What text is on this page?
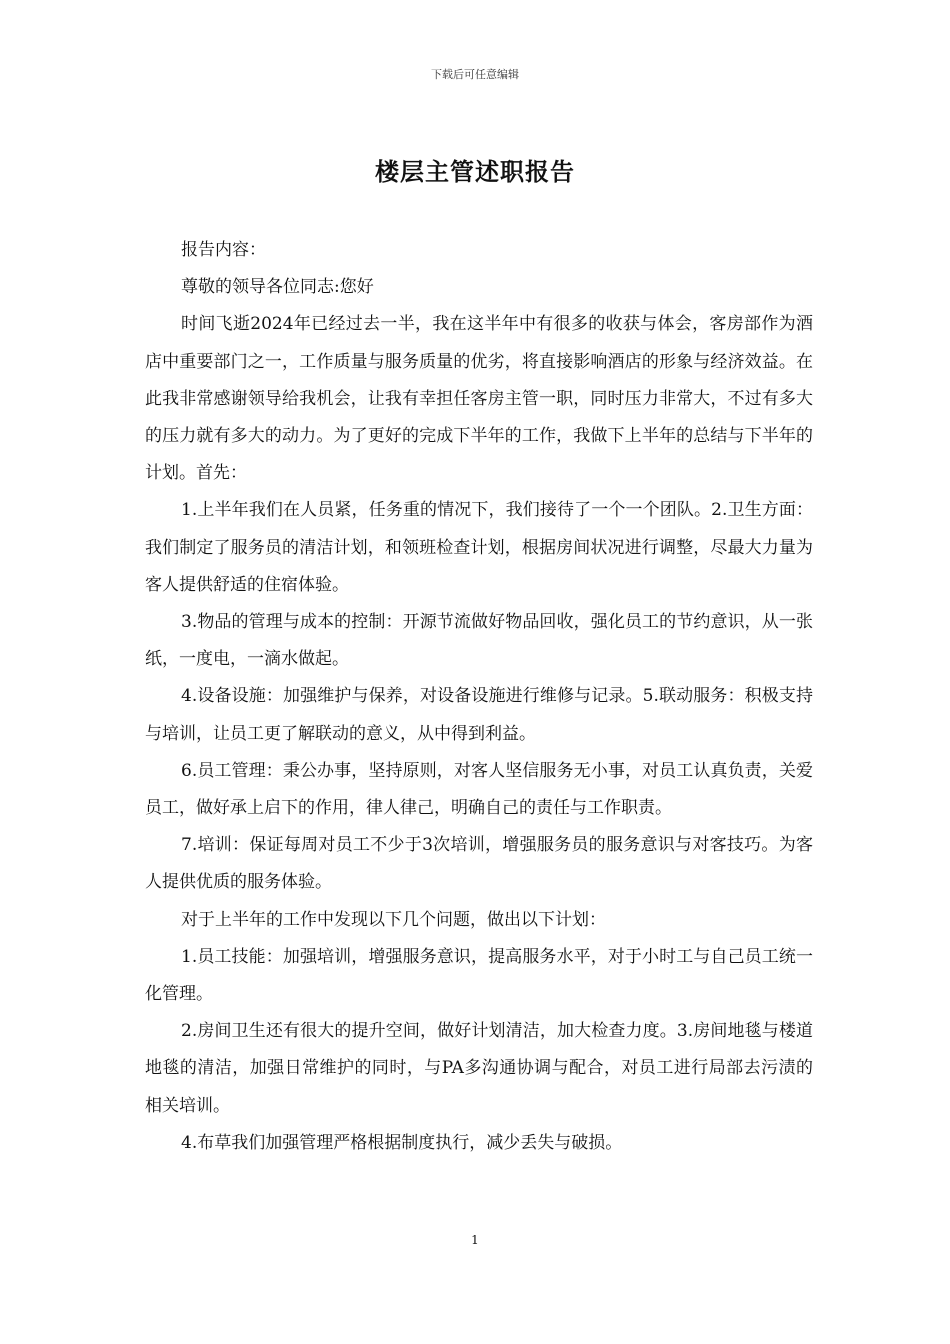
下载后可任意编辑
楼层主管述职报告

报告内容：

尊敬的领导各位同志:您好

时间飞逝2024年已经过去一半，我在这半年中有很多的收获与体会，客房部作为酒店中重要部门之一，工作质量与服务质量的优劣，将直接影响酒店的形象与经济效益。在此我非常感谢领导给我机会，让我有幸担任客房主管一职，同时压力非常大，不过有多大的压力就有多大的动力。为了更好的完成下半年的工作，我做下上半年的总结与下半年的计划。首先：

1.上半年我们在人员紧，任务重的情况下，我们接待了一个一个团队。2.卫生方面：我们制定了服务员的清洁计划，和领班检查计划，根据房间状况进行调整，尽最大力量为客人提供舒适的住宿体验。

3.物品的管理与成本的控制：开源节流做好物品回收，强化员工的节约意识，从一张纸，一度电，一滴水做起。

4.设备设施：加强维护与保养，对设备设施进行维修与记录。5.联动服务：积极支持与培训，让员工更了解联动的意义，从中得到利益。

6.员工管理：秉公办事，坚持原则，对客人坚信服务无小事，对员工认真负责，关爱员工，做好承上启下的作用，律人律己，明确自己的责任与工作职责。

7.培训：保证每周对员工不少于3次培训，增强服务员的服务意识与对客技巧。为客人提供优质的服务体验。

对于上半年的工作中发现以下几个问题，做出以下计划：

1.员工技能：加强培训，增强服务意识，提高服务水平，对于小时工与自己员工统一化管理。

2.房间卫生还有很大的提升空间，做好计划清洁，加大检查力度。3.房间地毯与楼道地毯的清洁，加强日常维护的同时，与PA多沟通协调与配合，对员工进行局部去污渍的相关培训。

4.布草我们加强管理严格根据制度执行，减少丢失与破损。

1
